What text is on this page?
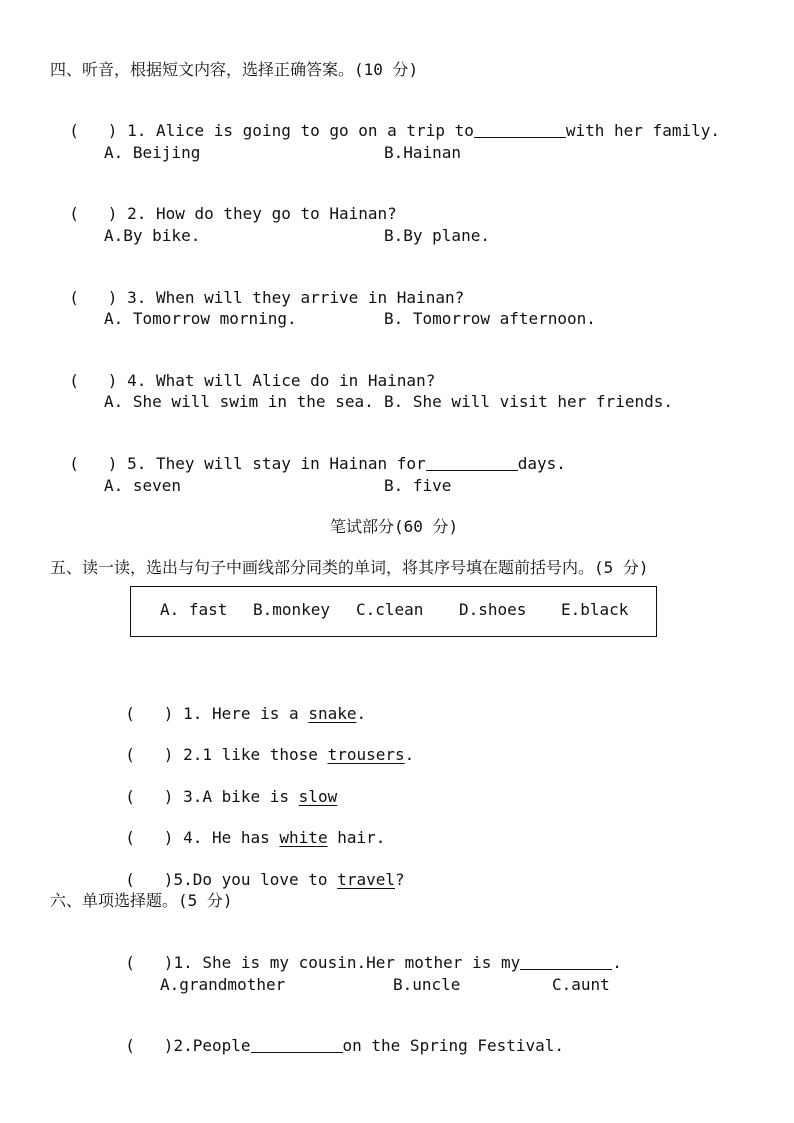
四、听音，根据短文内容，选择正确答案。(10 分)

(   ) 1. Alice is going to go on a trip to	with her family.

A. Beijing	B.Hainan

(   ) 2. How do they go to Hainan?

A.By bike.	B.By plane.

(   ) 3. When will they arrive in Hainan?

A. Tomorrow morning.	B. Tomorrow afternoon.

(   ) 4. What will Alice do in Hainan?

A. She will swim in the sea. B. She will visit her friends.

(   ) 5. They will stay in Hainan for	days.

A. seven	B. five
笔试部分(60 分)
五、读一读，选出与句子中画线部分同类的单词，将其序号填在题前括号内。(5 分)
A. fast B.monkey C.clean D.shoes E.black

(   ) 1. Here is a snake.

(   ) 2.1 like those trousers.

(   ) 3.A bike is slow

(   ) 4. He has white hair.

(   )5.Do you love to travel?

六、单项选择题。(5 分)

(   )1. She is my cousin.Her mother is my	.

A.grandmother	B.uncle	C.aunt

(   )2.People	on the Spring Festival.
